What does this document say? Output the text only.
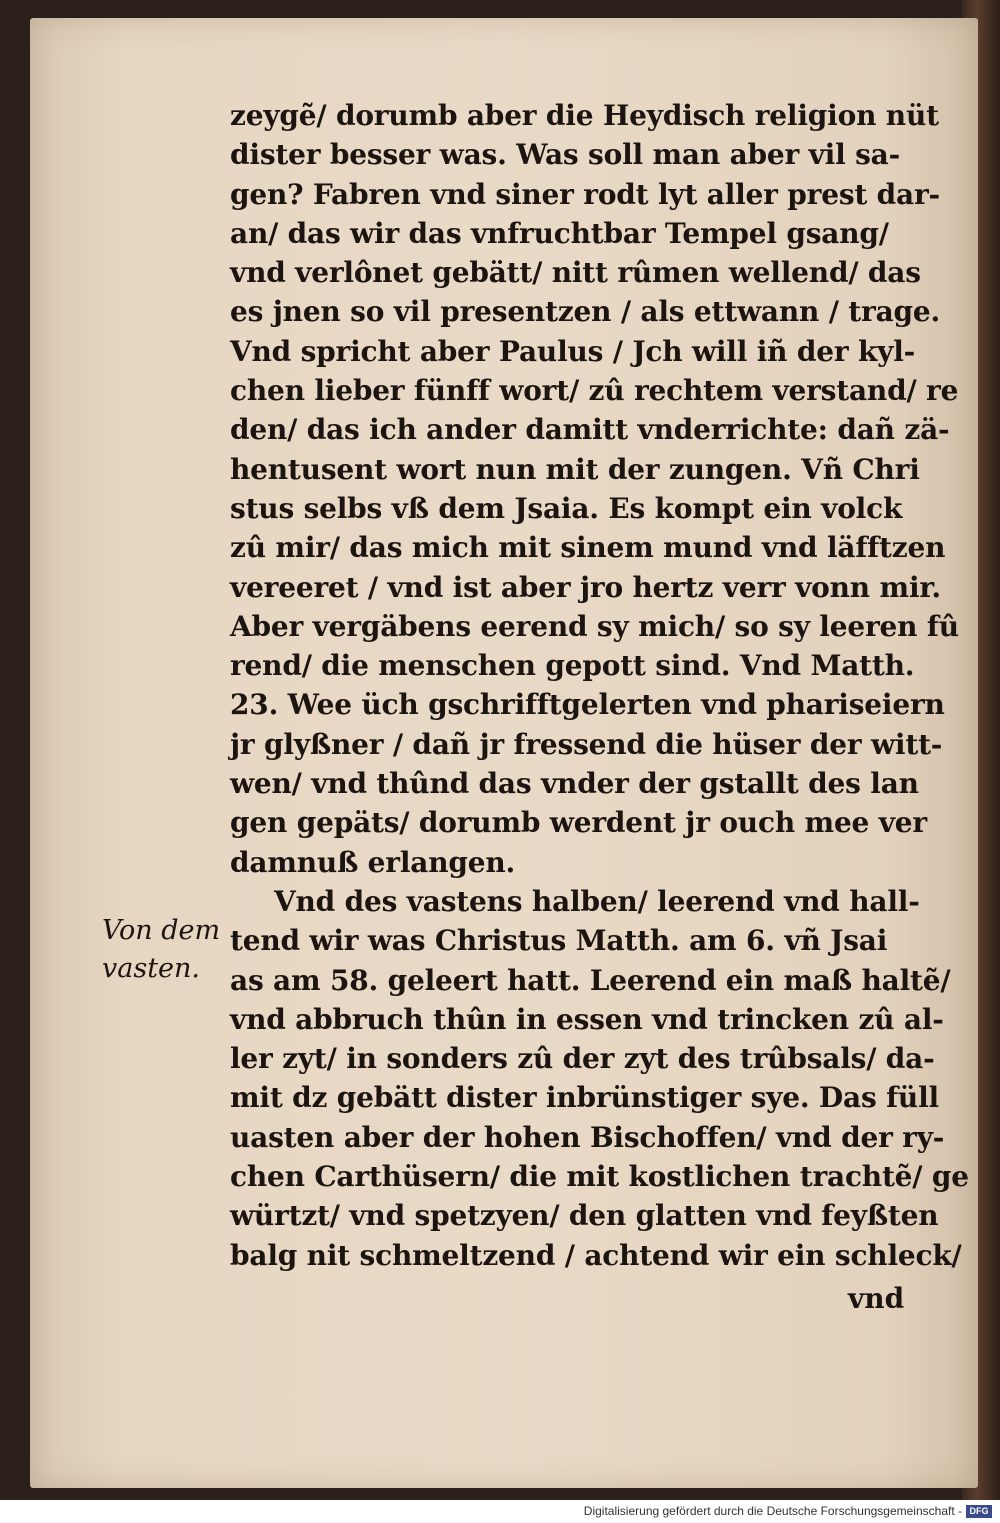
zeygẽ/ dorumb aber die Heydisch religion nüt
dister besser was. Was soll man aber vil sa-
gen? Fabren vnd siner rodt lyt aller prest dar-
an/ das wir das vnfruchtbar Tempel gsang/
vnd verlônet gebätt/ nitt rûmen wellend/ das
es jnen so vil presentzen / als ettwann / trage.
Vnd spricht aber Paulus / Jch will iñ der kyl-
chen lieber fünff wort/ zû rechtem verstand/ re
den/ das ich ander damitt vnderrichte: dañ zä-
hentusent wort nun mit der zungen. Vñ Chri
stus selbs vß dem Jsaia. Es kompt ein volck
zû mir/ das mich mit sinem mund vnd läfftzen
vereeret / vnd ist aber jro hertz verr vonn mir.
Aber vergäbens eerend sy mich/ so sy leeren fû
rend/ die menschen gepott sind. Vnd Matth.
23. Wee üch gschrifftgelerten vnd phariseiern
jr glyßner / dañ jr fressend die hüser der witt-
wen/ vnd thûnd das vnder der gstallt des lan
gen gepäts/ dorumb werdent jr ouch mee ver
damnuß erlangen.
Vnd des vastens halben/ leerend vnd hall-
tend wir was Christus Matth. am 6. vñ Jsai
as am 58. geleert hatt. Leerend ein maß haltẽ/
vnd abbruch thûn in essen vnd trincken zû al-
ler zyt/ in sonders zû der zyt des trûbsals/ da-
mit dz gebätt dister inbrünstiger sye. Das füll
uasten aber der hohen Bischoffen/ vnd der ry-
chen Carthüsern/ die mit kostlichen trachtẽ/ ge
würtzt/ vnd spetzyen/ den glatten vnd feyßten
balg nit schmeltzend / achtend wir ein schleck/
Von dem
vasten.
vnd
Digitalisierung gefördert durch die Deutsche Forschungsgemeinschaft - DFG
